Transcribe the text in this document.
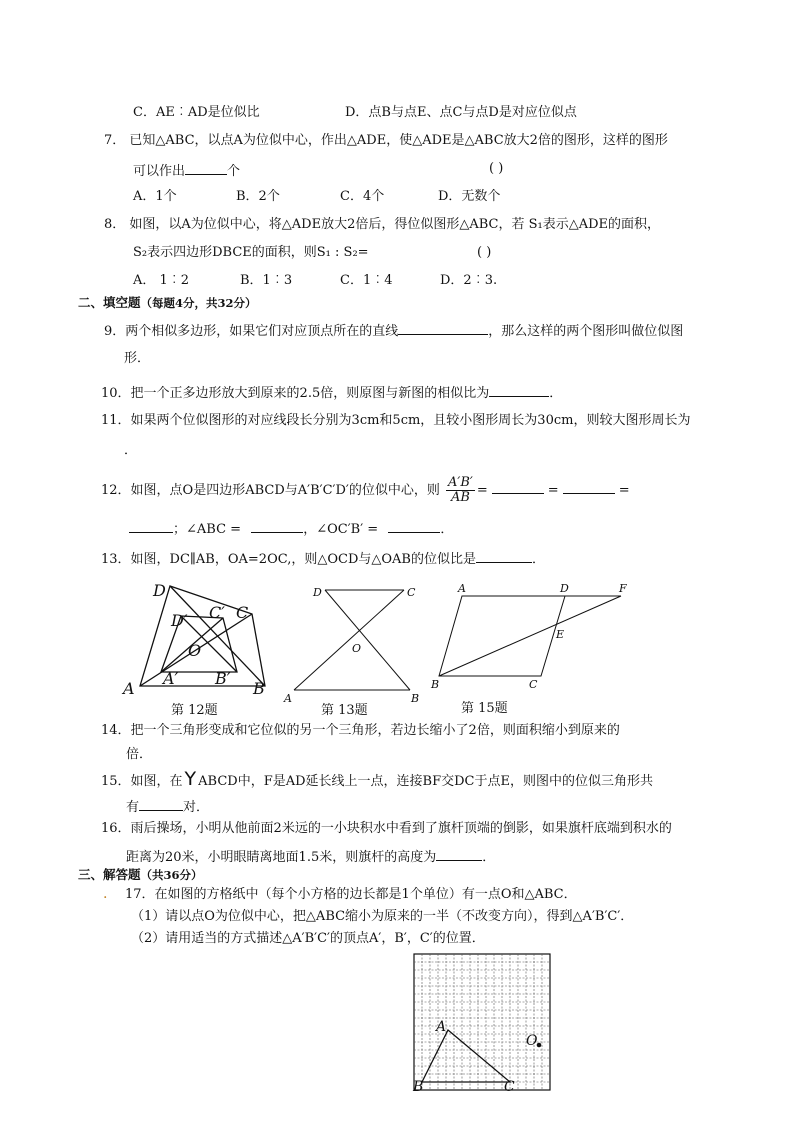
C．AE︰AD是位似比	D．点B与点E、点C与点D是对应位似点
7． 已知△ABC，以点A为位似中心，作出△ADE，使△ADE是△ABC放大2倍的图形，这样的图形
可以作出	个	( )
A．1个	B．2个	C．4个	D．无数个
8． 如图，以A为位似中心，将△ADE放大2倍后，得位似图形△ABC，若 S₁表示△ADE的面积，
S₂表示四边形DBCE的面积，则S₁ : S₂=	( )
A． 1︰2	B．1︰3	C．1︰4	D．2︰3.
二、填空题（每题4分，共32分）
9．两个相似多边形，如果它们对应顶点所在的直线	，那么这样的两个图形叫做位似图
形．
10．把一个正多边形放大到原来的2.5倍，则原图与新图的相似比为	．
11．如果两个位似图形的对应线段长分别为3cm和5cm，且较小图形周长为30cm，则较大图形周长为
．
12．如图，点O是四边形ABCD与A′B′C′D′的位似中心，则 $\frac{A'B'}{AB}$ =	=	=
；∠ABC =	，∠OC′B′ =	．
13．如图，DC∥AB，OA=2OC,，则△OCD与△OAB的位似比是	．
D
D′ C′ C
O
A
A′ B′
B
第 12题
D	C
O
A	B
第 13题
A	D	F
E
B	C
第 15题
14．把一个三角形变成和它位似的另一个三角形，若边长缩小了2倍，则面积缩小到原来的
倍．
15．如图，在 Y ABCD中，F是AD延长线上一点，连接BF交DC于点E，则图中的位似三角形共
有	对．
16．雨后操场，小明从他前面2米远的一小块积水中看到了旗杆顶端的倒影，如果旗杆底端到积水的
距离为20米，小明眼睛离地面1.5米，则旗杆的高度为	．
三、解答题（共36分）
. 17．在如图的方格纸中（每个小方格的边长都是1个单位）有一点O和△ABC．
（1）请以点O为位似中心，把△ABC缩小为原来的一半（不改变方向），得到△A′B′C′．
（2）请用适当的方式描述△A′B′C′的顶点A′，B′，C′的位置．
A
O
B	C
